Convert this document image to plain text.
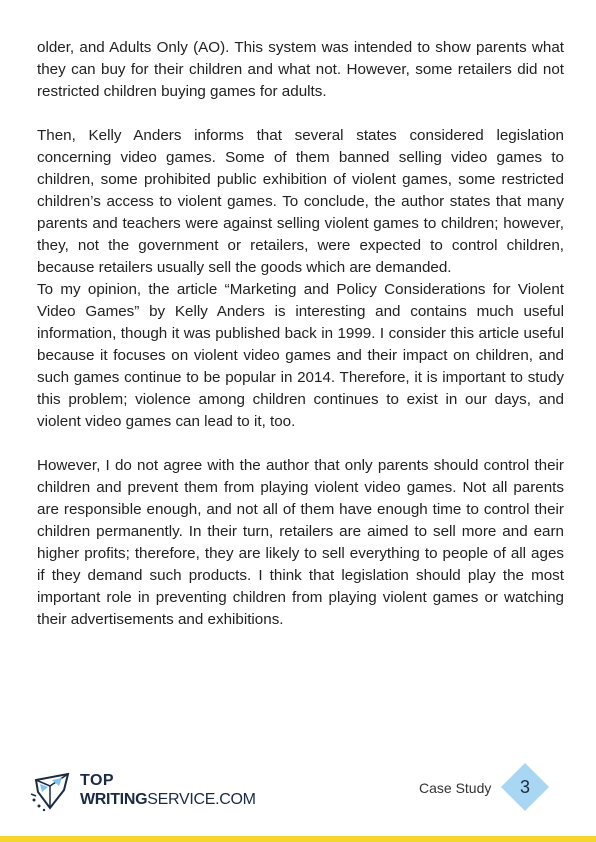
older, and Adults Only (AO). This system was intended to show parents what they can buy for their children and what not. However, some retailers did not restricted children buying games for adults.

Then, Kelly Anders informs that several states considered legislation concerning video games. Some of them banned selling video games to children, some prohibited public exhibition of violent games, some restricted children’s access to violent games. To conclude, the author states that many parents and teachers were against selling violent games to children; however, they, not the government or retailers, were expected to control children, because retailers usually sell the goods which are demanded.

To my opinion, the article “Marketing and Policy Considerations for Violent Video Games” by Kelly Anders is interesting and contains much useful information, though it was published back in 1999. I consider this article useful because it focuses on violent video games and their impact on children, and such games continue to be popular in 2014. Therefore, it is important to study this problem; violence among children continues to exist in our days, and violent video games can lead to it, too.

However, I do not agree with the author that only parents should control their children and prevent them from playing violent video games. Not all parents are responsible enough, and not all of them have enough time to control their children permanently. In their turn, retailers are aimed to sell more and earn higher profits; therefore, they are likely to sell everything to people of all ages if they demand such products. I think that legislation should play the most important role in preventing children from playing violent games or watching their advertisements and exhibitions.

TOP
WRITINGSERVICE.COM
Case Study	3
